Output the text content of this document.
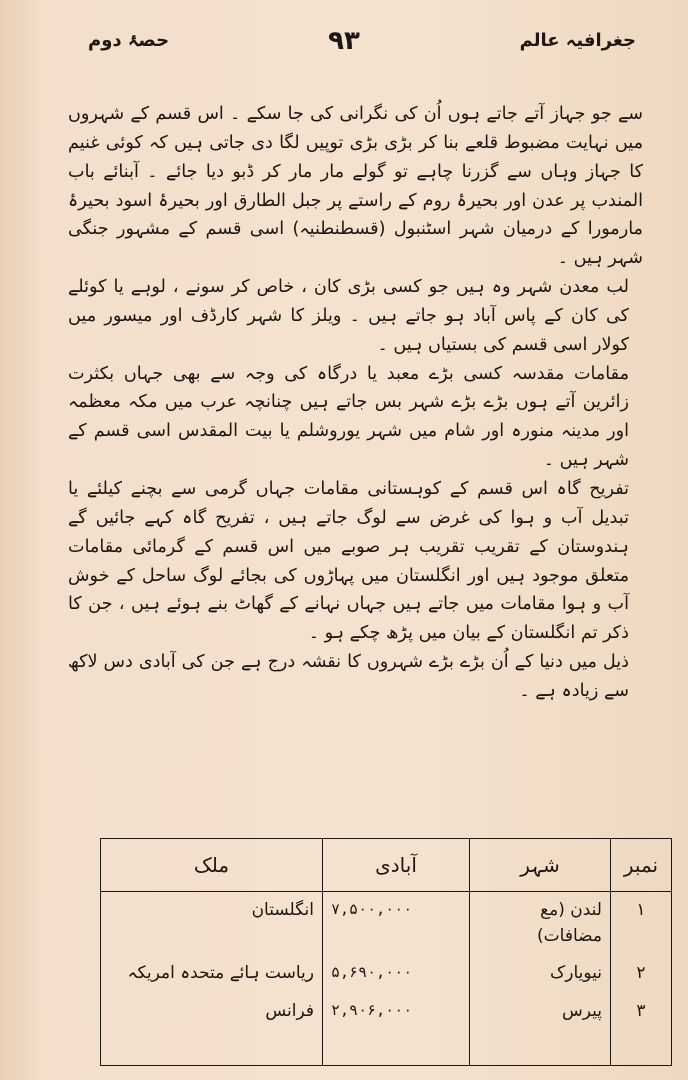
جغرافیہ عالم
۹۳
حصۂ دوم

سے جو جہاز آتے جاتے ہوں اُن کی نگرانی کی جا سکے ۔ اس قسم کے شہروں میں نہایت مضبوط قلعے بنا کر بڑی بڑی توپیں لگا دی جاتی ہیں کہ کوئی غنیم کا جہاز وہاں سے گزرنا چاہے تو گولے مار مار کر ڈبو دیا جائے ۔ آبنائے باب المندب پر عدن اور بحیرۂ روم کے راستے پر جبل الطارق اور بحیرۂ اسود بحیرۂ مارمورا کے درمیان شہر اسٹنبول (قسطنطنیہ) اسی قسم کے مشہور جنگی شہر ہیں ۔

لب معدن شہر وہ ہیں جو کسی بڑی کان ، خاص کر سونے ، لوہے یا کوئلے کی کان کے پاس آباد ہو جاتے ہیں ۔ ویلز کا شہر کارڈف اور میسور میں کولار اسی قسم کی بستیاں ہیں ۔

مقامات مقدسہ کسی بڑے معبد یا درگاہ کی وجہ سے بھی جہاں بکثرت زائرین آتے ہوں بڑے بڑے شہر بس جاتے ہیں چنانچہ عرب میں مکہ معظمہ اور مدینہ منورہ اور شام میں شہر یوروشلم یا بیت المقدس اسی قسم کے شہر ہیں ۔

تفریح گاہ اس قسم کے کوہستانی مقامات جہاں گرمی سے بچنے کیلئے یا تبدیل آب و ہوا کی غرض سے لوگ جاتے ہیں ، تفریح گاہ کہے جائیں گے ہندوستان کے تقریب تقریب ہر صوبے میں اس قسم کے گرمائی مقامات متعلق موجود ہیں اور انگلستان میں پہاڑوں کی بجائے لوگ ساحل کے خوش آب و ہوا مقامات میں جاتے ہیں جہاں نہانے کے گھاٹ بنے ہوئے ہیں ، جن کا ذکر تم انگلستان کے بیان میں پڑھ چکے ہو ۔

ذیل میں دنیا کے اُن بڑے بڑے شہروں کا نقشہ درج ہے جن کی آبادی دس لاکھ سے زیادہ ہے ۔

نمبر	شہر	آبادی	ملک
۱	لندن (مع مضافات)	۷,۵۰۰,۰۰۰	انگلستان
۲	نیویارک	۵,۶۹۰,۰۰۰	ریاست ہائے متحدہ امریکہ
۳	پیرس	۲,۹۰۶,۰۰۰	فرانس
